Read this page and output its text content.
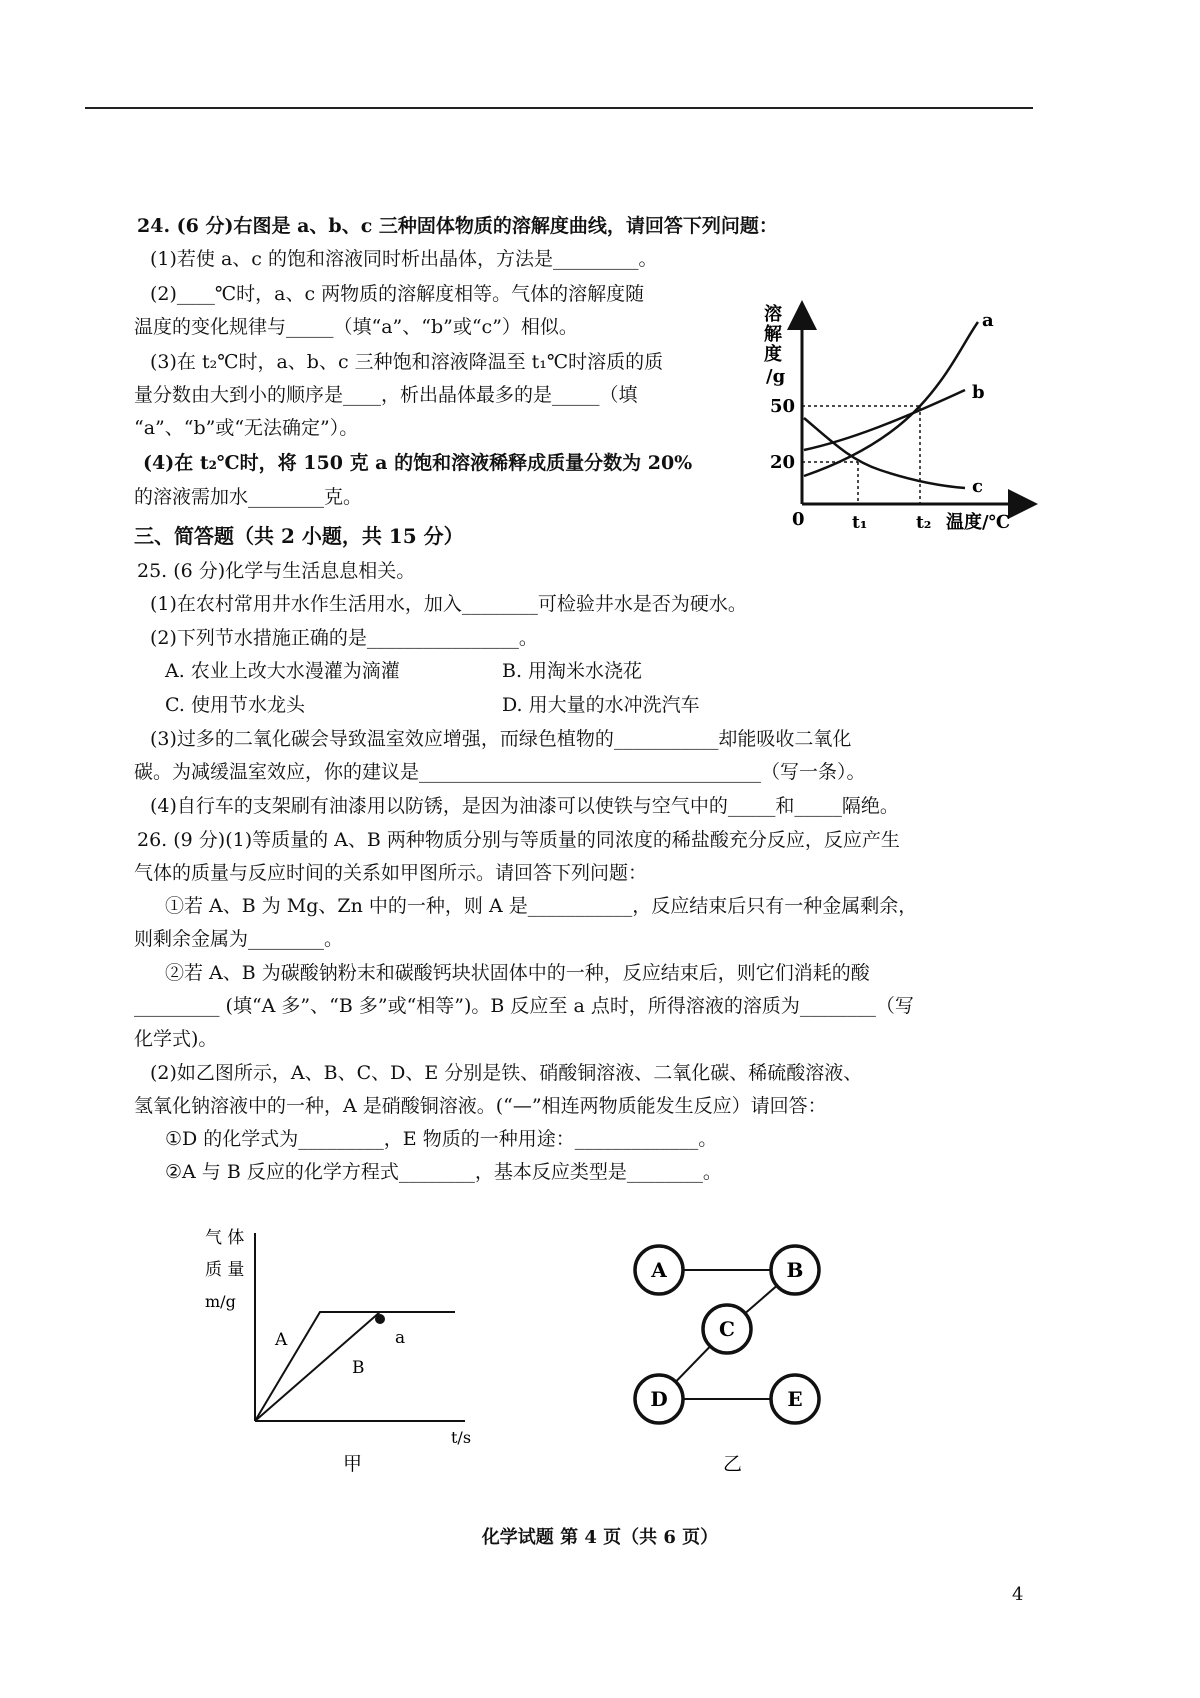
24. (6 分)右图是 a、b、c 三种固体物质的溶解度曲线，请回答下列问题：
(1)若使 a、c 的饱和溶液同时析出晶体，方法是_________。
(2)____℃时，a、c 两物质的溶解度相等。气体的溶解度随
温度的变化规律与_____（填“a”、“b”或“c”）相似。
(3)在 t₂℃时，a、b、c 三种饱和溶液降温至 t₁℃时溶质的质
量分数由大到小的顺序是____，析出晶体最多的是_____（填
“a”、“b”或“无法确定”）。
(4)在 t₂℃时，将 150 克 a 的饱和溶液稀释成质量分数为 20%
的溶液需加水________克。
溶
解
度
/g
50
20
0	t₁	t₂ 温度/℃
a
b
c
三、简答题（共 2 小题，共 15 分）
25. (6 分)化学与生活息息相关。
(1)在农村常用井水作生活用水，加入________可检验井水是否为硬水。
(2)下列节水措施正确的是________________。
A. 农业上改大水漫灌为滴灌	B. 用淘米水浇花
C. 使用节水龙头	D. 用大量的水冲洗汽车
(3)过多的二氧化碳会导致温室效应增强，而绿色植物的___________却能吸收二氧化
碳。为减缓温室效应，你的建议是____________________________________（写一条）。
(4)自行车的支架刷有油漆用以防锈，是因为油漆可以使铁与空气中的_____和_____隔绝。
26. (9 分)(1)等质量的 A、B 两种物质分别与等质量的同浓度的稀盐酸充分反应，反应产生
气体的质量与反应时间的关系如甲图所示。请回答下列问题：
①若 A、B 为 Mg、Zn 中的一种，则 A 是___________，反应结束后只有一种金属剩余，
则剩余金属为________。
②若 A、B 为碳酸钠粉末和碳酸钙块状固体中的一种，反应结束后，则它们消耗的酸
_________ (填“A 多”、“B 多”或“相等”)。B 反应至 a 点时，所得溶液的溶质为________（写
化学式)。
(2)如乙图所示，A、B、C、D、E 分别是铁、硝酸铜溶液、二氧化碳、稀硫酸溶液、
氢氧化钠溶液中的一种，A 是硝酸铜溶液。(“—”相连两物质能发生反应）请回答：
①D 的化学式为_________，E 物质的一种用途：_____________。
②A 与 B 反应的化学方程式________，基本反应类型是________。
气 体
质 量
m/g
A
B
a
t/s
甲
A	B
C
D	E
乙
化学试题 第 4 页（共 6 页）
4
